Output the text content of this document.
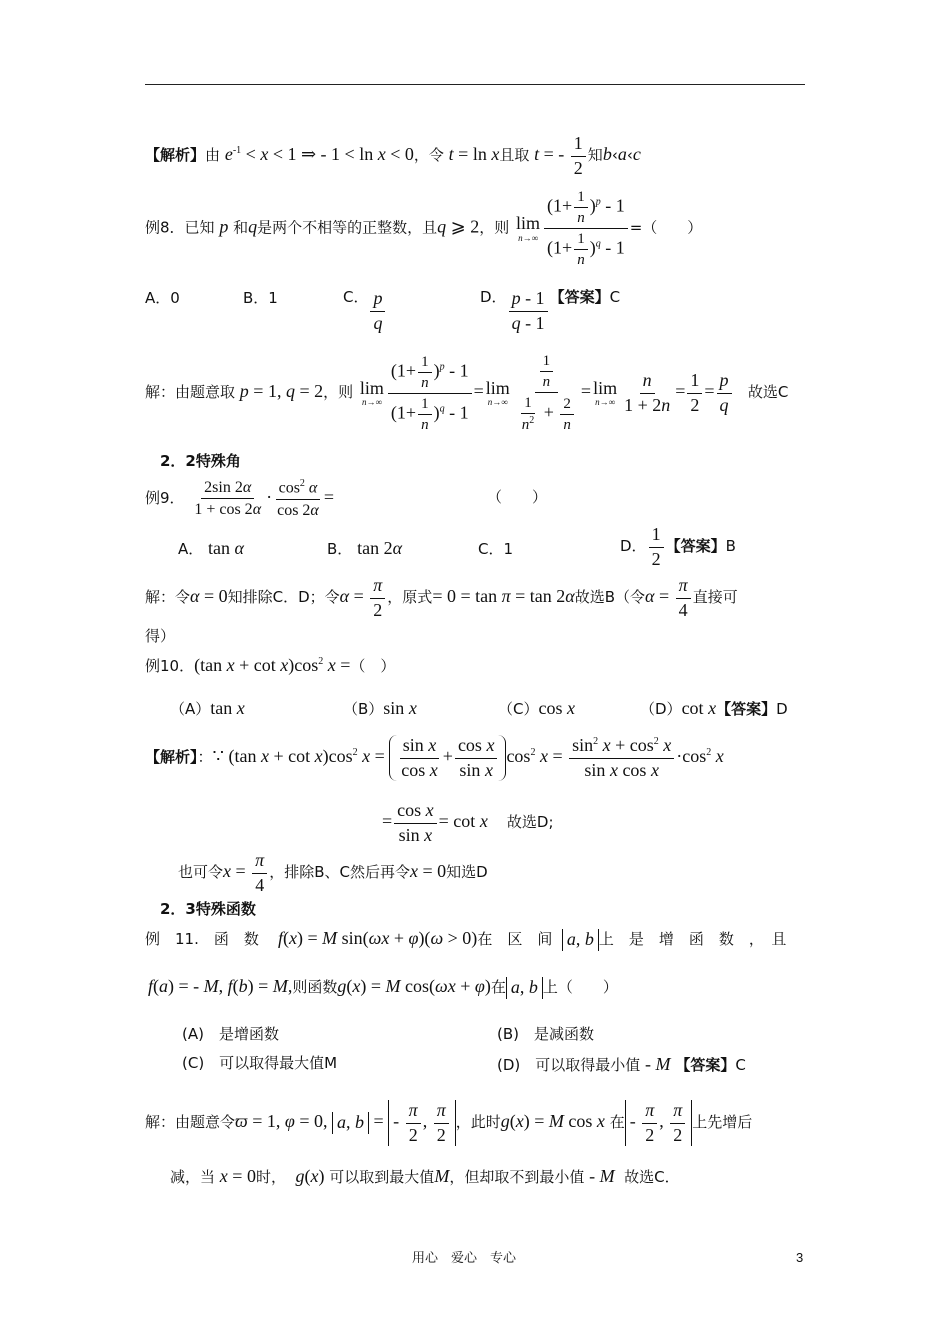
【解析】由 $e^{-1} < x < 1$ ⇒ - 1 < ln x < 0，令 t = ln x且取 t = - $\frac{1}{2}$ 知b‹a‹c
例8．已知 p 和q是两个不相等的正整数，且q ⩾ 2，则 lim
$n\to\infty \frac{(1+ \frac{1}{n} )^p - 1}{(1+ \frac{1}{n} )^q - 1}$ =（　　）
A．0	B．1	C． $\frac{p}{q}$	D． $\frac{p - 1}{q - 1}$ 【答案】C
解：由题意取 p = 1, q = 2，则 lim
$n\to\infty \frac{(1+ \frac{1}{n} )^p - 1}{(1+ \frac{1}{n} )^q - 1} = \lim$
$n\to\infty \frac{\frac{1}{n}}{\frac{1}{n^2} + \frac{2}{n}} = \lim$
$n\to\infty \frac{n}{1 + 2n} = \frac{1}{2} = \frac{p}{q}$ 故选C
2．2特殊角
例9． $\frac{2\sin 2\alpha}{1 + \cos 2\alpha} \cdot \frac{\cos^2 \alpha}{\cos 2\alpha}$ =	（　　）
A． tan α	B． tan 2α	C．1	D． $\frac{1}{2}$ 【答案】B
解：令α = 0知排除C．D；令$\alpha = \frac{\pi}{2}$ ，原式= 0 = tan π = tan 2α故选B（令$\alpha = \frac{\pi}{4}$ 直接可
得）
例10．(tan $x + \cot x)\cos^2$ x =（　）
（A）tan x	（B）sin x	（C）cos x	（D）cot x【答案】D
【解析】：∵ (tan $x + \cot x)\cos^2$ $x = \frac{\text{sin x}}{\text{cos x}} + \frac{\text{cos x}}{\text{sin x}} \cos^2 x = \frac{\sin^2 x + \cos^2 x}{\text{sin x cos x}} \cdot\cos^2$ x
= $\frac{\text{cos x}}{\text{sin x}} = \cot x$ 故选D;
也可令$x = \frac{\pi}{4}$ ，排除B、C然后再令x = 0知选D
2．3特殊函数
例　11.　函　数 f(x) = M sin(ωx + φ)(ω > 0)在　区　间 a, b 上　是　增　函　数　，　且
f(a) = - M, f(b) = M,则函数g(x) = M cos(ωx + φ)在 a, b 上（　　）
(A)　是增函数	(B)　是减函数
(C)　可以取得最大值M	(D)　可以取得最小值 - M 【答案】C
解：由题意令ϖ = 1, φ = 0, a, b = - $\frac{\pi}{2}$ , $\frac{\pi}{2}$ ，此时g(x) = M cos x 在 - $\frac{\pi}{2}$ , $\frac{\pi}{2}$ 上先增后
减，当 x = 0时， g(x) 可以取到最大值M，但却取不到最小值 - M 故选C．
用心　爱心　专心	3
